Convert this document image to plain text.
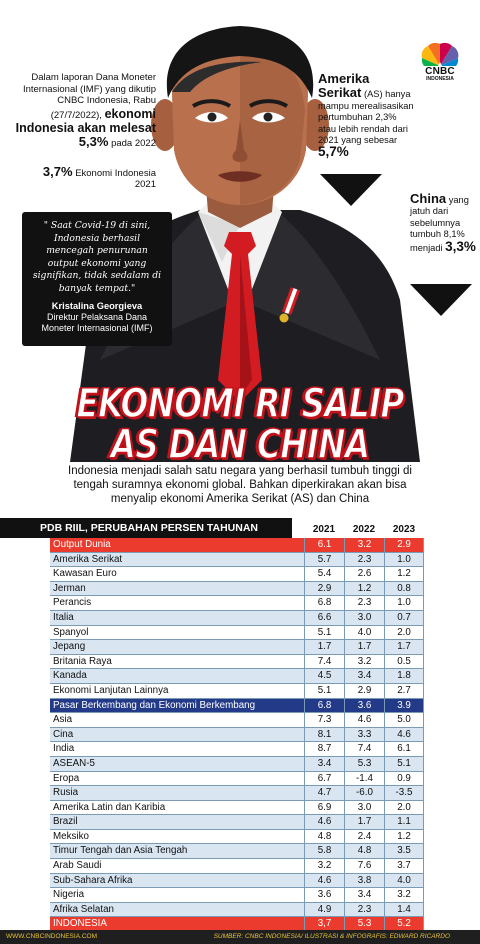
CNBC
INDONESIA
Dalam laporan Dana Moneter Internasional (IMF) yang dikutip CNBC Indonesia, Rabu (27/7/2022), ekonomi Indonesia akan melesat 5,3% pada 2022
3,7% Ekonomi Indonesia 2021
" Saat Covid-19 di sini, Indonesia berhasil mencegah penurunan output ekonomi yang signifikan, tidak sedalam di banyak tempat."
Kristalina Georgieva
Direktur Pelaksana Dana Moneter Internasional (IMF)
Amerika Serikat (AS) hanya mampu merealisasikan pertumbuhan 2,3% atau lebih rendah dari 2021 yang sebesar 5,7%
China yang jatuh dari sebelumnya tumbuh 8,1% menjadi 3,3%
EKONOMI RI SALIP
AS DAN CHINA
Indonesia menjadi salah satu negara yang berhasil tumbuh tinggi di tengah suramnya ekonomi global. Bahkan diperkirakan akan bisa menyalip ekonomi Amerika Serikat (AS) dan China
PDB RIIL, PERUBAHAN PERSEN TAHUNAN	2021	2022	2023
Output Dunia	6.1	3.2	2.9
Amerika Serikat	5.7	2.3	1.0
Kawasan Euro	5.4	2.6	1.2
Jerman	2.9	1.2	0.8
Perancis	6.8	2.3	1.0
Italia	6.6	3.0	0.7
Spanyol	5.1	4.0	2.0
Jepang	1.7	1.7	1.7
Britania Raya	7.4	3.2	0.5
Kanada	4.5	3.4	1.8
Ekonomi Lanjutan Lainnya	5.1	2.9	2.7
Pasar Berkembang dan Ekonomi Berkembang	6.8	3.6	3.9
Asia	7.3	4.6	5.0
Cina	8.1	3.3	4.6
India	8.7	7.4	6.1
ASEAN-5	3.4	5.3	5.1
Eropa	6.7	-1.4	0.9
Rusia	4.7	-6.0	-3.5
Amerika Latin dan Karibia	6.9	3.0	2.0
Brazil	4.6	1.7	1.1
Meksiko	4.8	2.4	1.2
Timur Tengah dan Asia Tengah	5.8	4.8	3.5
Arab Saudi	3.2	7.6	3.7
Sub-Sahara Afrika	4.6	3.8	4.0
Nigeria	3.6	3.4	3.2
Afrika Selatan	4.9	2.3	1.4
INDONESIA	3,7	5.3	5.2
WWW.CNBCINDONESIA.COM	SUMBER: CNBC INDONESIA/ ILUSTRASI & INFOGRAFIS: EDWARD RICARDO
